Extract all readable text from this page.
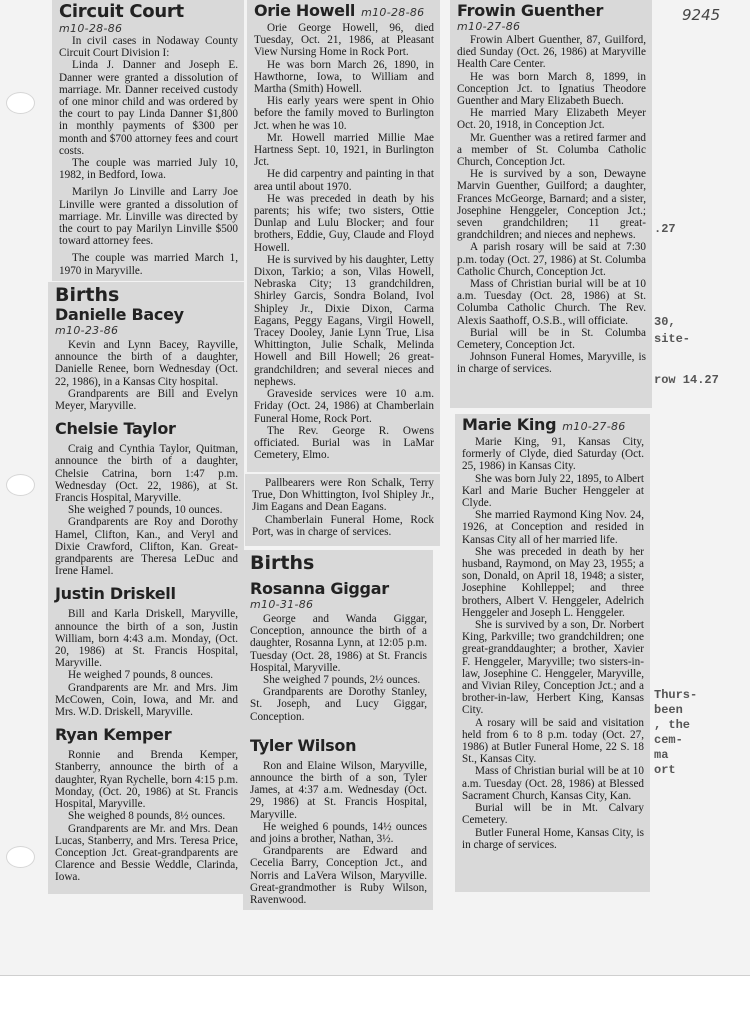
9245
.27
30,
site-
row 14.27
Thurs-
been
, the
cem-
ma
ort
Circuit Court
m10-28-86

In civil cases in Nodaway County Circuit Court Division I:

Linda J. Danner and Joseph E. Danner were granted a dissolution of marriage. Mr. Danner received custody of one minor child and was ordered by the court to pay Linda Danner $1,800 in monthly payments of $300 per month and $700 attorney fees and court costs.

The couple was married July 10, 1982, in Bedford, Iowa.

Marilyn Jo Linville and Larry Joe Linville were granted a dissolution of marriage. Mr. Linville was directed by the court to pay Marilyn Linville $500 toward attorney fees.

The couple was married March 1, 1970 in Maryville.

Births
Danielle Bacey
m10-23-86

Kevin and Lynn Bacey, Rayville, announce the birth of a daughter, Danielle Renee, born Wednesday (Oct. 22, 1986), in a Kansas City hospital.

Grandparents are Bill and Evelyn Meyer, Maryville.

Chelsie Taylor

Craig and Cynthia Taylor, Quitman, announce the birth of a daughter, Chelsie Catrina, born 1:47 p.m. Wednesday (Oct. 22, 1986), at St. Francis Hospital, Maryville.

She weighed 7 pounds, 10 ounces.

Grandparents are Roy and Dorothy Hamel, Clifton, Kan., and Veryl and Dixie Crawford, Clifton, Kan. Great-grandparents are Theresa LeDuc and Irene Hamel.

Justin Driskell

Bill and Karla Driskell, Maryville, announce the birth of a son, Justin William, born 4:43 a.m. Monday, (Oct. 20, 1986) at St. Francis Hospital, Maryville.

He weighed 7 pounds, 8 ounces.

Grandparents are Mr. and Mrs. Jim McCowen, Coin, Iowa, and Mr. and Mrs. W.D. Driskell, Maryville.

Ryan Kemper

Ronnie and Brenda Kemper, Stanberry, announce the birth of a daughter, Ryan Rychelle, born 4:15 p.m. Monday, (Oct. 20, 1986) at St. Francis Hospital, Maryville.

She weighed 8 pounds, 8½ ounces.

Grandparents are Mr. and Mrs. Dean Lucas, Stanberry, and Mrs. Teresa Price, Conception Jct. Great-grandparents are Clarence and Bessie Weddle, Clarinda, Iowa.

Orie Howell m10-28-86

Orie George Howell, 96, died Tuesday, Oct. 21, 1986, at Pleasant View Nursing Home in Rock Port.

He was born March 26, 1890, in Hawthorne, Iowa, to William and Martha (Smith) Howell.

His early years were spent in Ohio before the family moved to Burlington Jct. when he was 10.

Mr. Howell married Millie Mae Hartness Sept. 10, 1921, in Burlington Jct.

He did carpentry and painting in that area until about 1970.

He was preceded in death by his parents; his wife; two sisters, Ottie Dunlap and Lulu Blocker; and four brothers, Eddie, Guy, Claude and Floyd Howell.

He is survived by his daughter, Letty Dixon, Tarkio; a son, Vilas Howell, Nebraska City; 13 grandchildren, Shirley Garcis, Sondra Boland, Ivol Shipley Jr., Dixie Dixon, Carma Eagans, Peggy Eagans, Virgil Howell, Tracey Dooley, Janie Lynn True, Lisa Whittington, Julie Schalk, Melinda Howell and Bill Howell; 26 great-grandchildren; and several nieces and nephews.

Graveside services were 10 a.m. Friday (Oct. 24, 1986) at Chamberlain Funeral Home, Rock Port.

The Rev. George R. Owens officiated. Burial was in LaMar Cemetery, Elmo.

Pallbearers were Ron Schalk, Terry True, Don Whittington, Ivol Shipley Jr., Jim Eagans and Dean Eagans.

Chamberlain Funeral Home, Rock Port, was in charge of services.

Births
Rosanna Giggar
m10-31-86

George and Wanda Giggar, Conception, announce the birth of a daughter, Rosanna Lynn, at 12:05 p.m. Tuesday (Oct. 28, 1986) at St. Francis Hospital, Maryville.

She weighed 7 pounds, 2½ ounces.

Grandparents are Dorothy Stanley, St. Joseph, and Lucy Giggar, Conception.

Tyler Wilson

Ron and Elaine Wilson, Maryville, announce the birth of a son, Tyler James, at 4:37 a.m. Wednesday (Oct. 29, 1986) at St. Francis Hospital, Maryville.

He weighed 6 pounds, 14½ ounces and joins a brother, Nathan, 3½.

Grandparents are Edward and Cecelia Barry, Conception Jct., and Norris and LaVera Wilson, Maryville. Great-grandmother is Ruby Wilson, Ravenwood.

Frowin Guenther
m10-27-86

Frowin Albert Guenther, 87, Guilford, died Sunday (Oct. 26, 1986) at Maryville Health Care Center.

He was born March 8, 1899, in Conception Jct. to Ignatius Theodore Guenther and Mary Elizabeth Buech.

He married Mary Elizabeth Meyer Oct. 20, 1918, in Conception Jct.

Mr. Guenther was a retired farmer and a member of St. Columba Catholic Church, Conception Jct.

He is survived by a son, Dewayne Marvin Guenther, Guilford; a daughter, Frances McGeorge, Barnard; and a sister, Josephine Henggeler, Conception Jct.; seven grandchildren; 11 great-grandchildren; and nieces and nephews.

A parish rosary will be said at 7:30 p.m. today (Oct. 27, 1986) at St. Columba Catholic Church, Conception Jct.

Mass of Christian burial will be at 10 a.m. Tuesday (Oct. 28, 1986) at St. Columba Catholic Church. The Rev. Alexis Saathoff, O.S.B., will officiate.

Burial will be in St. Columba Cemetery, Conception Jct.

Johnson Funeral Homes, Maryville, is in charge of services.

Marie King m10-27-86

Marie King, 91, Kansas City, formerly of Clyde, died Saturday (Oct. 25, 1986) in Kansas City.

She was born July 22, 1895, to Albert Karl and Marie Bucher Henggeler at Clyde.

She married Raymond King Nov. 24, 1926, at Conception and resided in Kansas City all of her married life.

She was preceded in death by her husband, Raymond, on May 23, 1955; a son, Donald, on April 18, 1948; a sister, Josephine Kohlleppel; and three brothers, Albert V. Henggeler, Adelrich Henggeler and Joseph L. Henggeler.

She is survived by a son, Dr. Norbert King, Parkville; two grandchildren; one great-granddaughter; a brother, Xavier F. Henggeler, Maryville; two sisters-in-law, Josephine C. Henggeler, Maryville, and Vivian Riley, Conception Jct.; and a brother-in-law, Herbert King, Kansas City.

A rosary will be said and visitation held from 6 to 8 p.m. today (Oct. 27, 1986) at Butler Funeral Home, 22 S. 18 St., Kansas City.

Mass of Christian burial will be at 10 a.m. Tuesday (Oct. 28, 1986) at Blessed Sacrament Church, Kansas City, Kan.

Burial will be in Mt. Calvary Cemetery.

Butler Funeral Home, Kansas City, is in charge of services.
